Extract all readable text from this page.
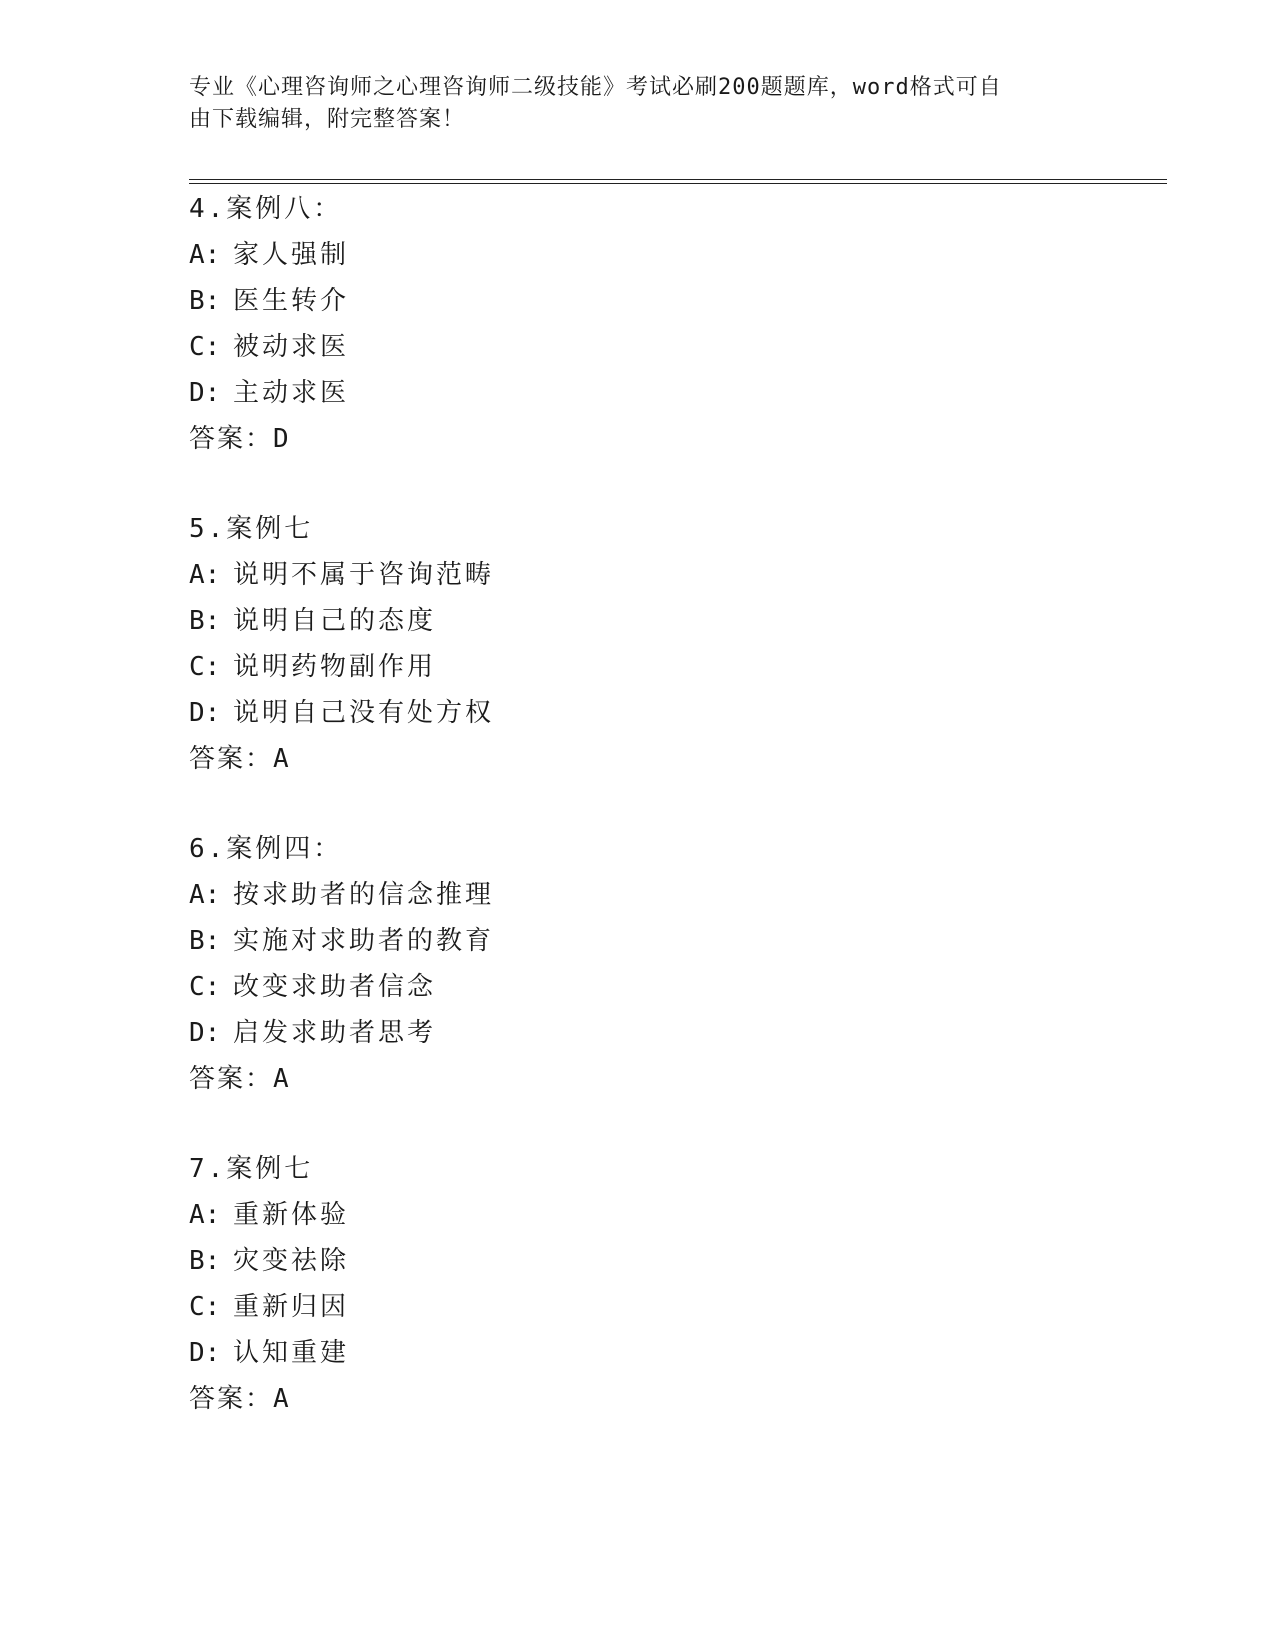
专业《心理咨询师之心理咨询师二级技能》考试必刷200题题库，word格式可自
由下载编辑，附完整答案！
4.案例八：
A: 家人强制
B: 医生转介
C: 被动求医
D: 主动求医
答案：D
5.案例七
A: 说明不属于咨询范畴
B: 说明自己的态度
C: 说明药物副作用
D: 说明自己没有处方权
答案：A
6.案例四：
A: 按求助者的信念推理
B: 实施对求助者的教育
C: 改变求助者信念
D: 启发求助者思考
答案：A
7.案例七
A: 重新体验
B: 灾变祛除
C: 重新归因
D: 认知重建
答案：A
